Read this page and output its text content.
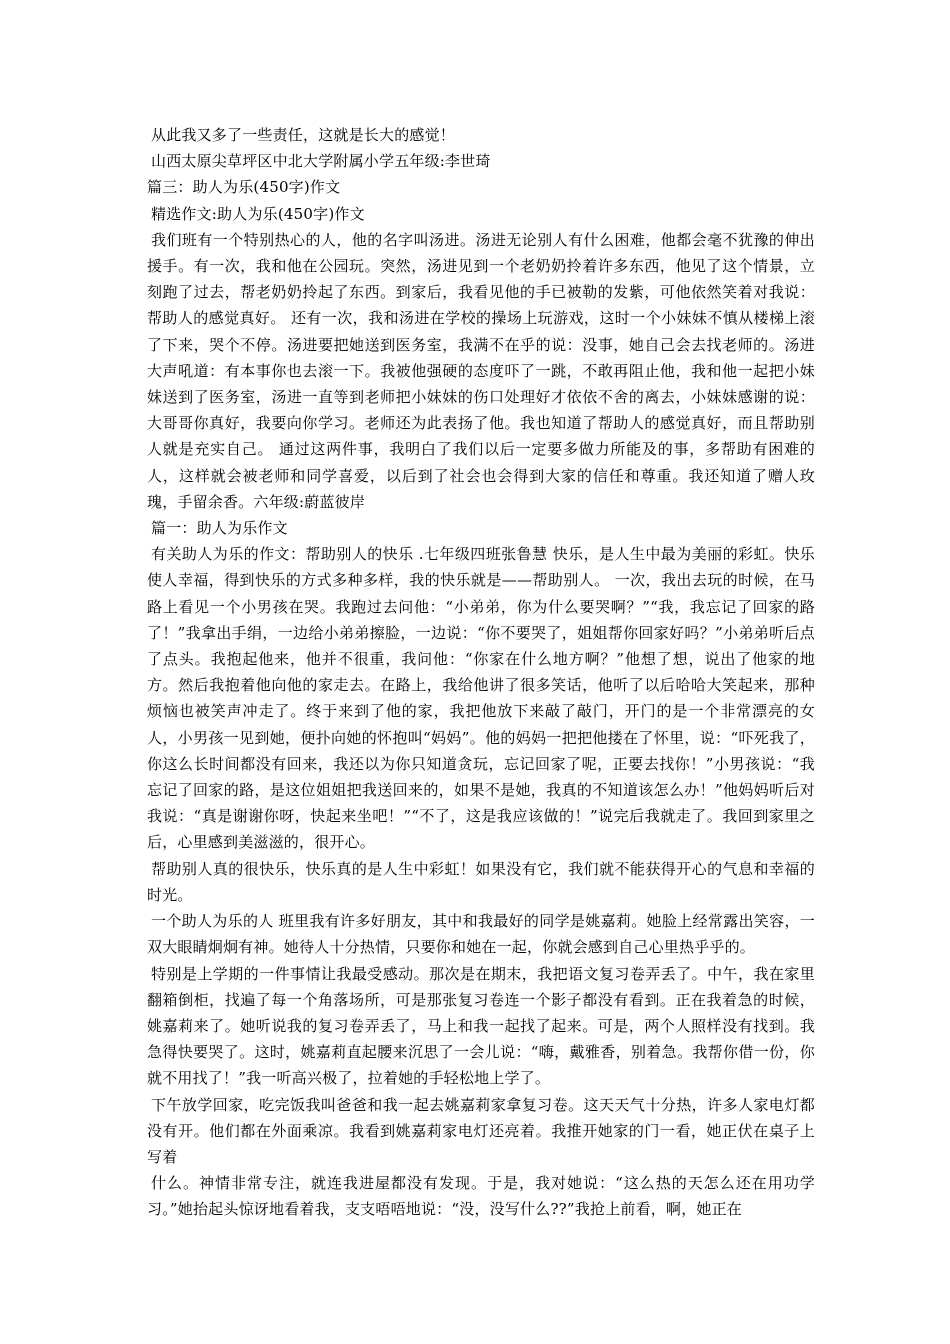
从此我又多了一些责任，这就是长大的感觉！

山西太原尖草坪区中北大学附属小学五年级:李世琦

篇三：助人为乐(450字)作文

精选作文:助人为乐(450字)作文

我们班有一个特别热心的人，他的名字叫汤进。汤进无论别人有什么困难，他都会毫不犹豫的伸出援手。有一次，我和他在公园玩。突然，汤进见到一个老奶奶拎着许多东西，他见了这个情景，立刻跑了过去，帮老奶奶拎起了东西。到家后，我看见他的手已被勒的发紫，可他依然笑着对我说：帮助人的感觉真好。 还有一次，我和汤进在学校的操场上玩游戏，这时一个小妹妹不慎从楼梯上滚了下来，哭个不停。汤进要把她送到医务室，我满不在乎的说：没事，她自己会去找老师的。汤进大声吼道：有本事你也去滚一下。我被他强硬的态度吓了一跳，不敢再阻止他，我和他一起把小妹妹送到了医务室，汤进一直等到老师把小妹妹的伤口处理好才依依不舍的离去，小妹妹感谢的说：大哥哥你真好，我要向你学习。老师还为此表扬了他。我也知道了帮助人的感觉真好，而且帮助别人就是充实自己。 通过这两件事，我明白了我们以后一定要多做力所能及的事，多帮助有困难的人，这样就会被老师和同学喜爱，以后到了社会也会得到大家的信任和尊重。我还知道了赠人玫瑰，手留余香。六年级:蔚蓝彼岸

篇一：助人为乐作文

有关助人为乐的作文：帮助别人的快乐 .七年级四班张鲁慧 快乐，是人生中最为美丽的彩虹。快乐使人幸福，得到快乐的方式多种多样，我的快乐就是——帮助别人。 一次，我出去玩的时候，在马路上看见一个小男孩在哭。我跑过去问他：“小弟弟，你为什么要哭啊？”“我，我忘记了回家的路了！”我拿出手绢，一边给小弟弟擦脸，一边说：“你不要哭了，姐姐帮你回家好吗？”小弟弟听后点了点头。我抱起他来，他并不很重，我问他：“你家在什么地方啊？”他想了想，说出了他家的地方。然后我抱着他向他的家走去。在路上，我给他讲了很多笑话，他听了以后哈哈大笑起来，那种烦恼也被笑声冲走了。终于来到了他的家，我把他放下来敲了敲门，开门的是一个非常漂亮的女人，小男孩一见到她，便扑向她的怀抱叫“妈妈”。他的妈妈一把把他搂在了怀里，说：“吓死我了，你这么长时间都没有回来，我还以为你只知道贪玩，忘记回家了呢，正要去找你！”小男孩说：“我忘记了回家的路，是这位姐姐把我送回来的，如果不是她，我真的不知道该怎么办！”他妈妈听后对我说：“真是谢谢你呀，快起来坐吧！”“不了，这是我应该做的！”说完后我就走了。我回到家里之后，心里感到美滋滋的，很开心。

帮助别人真的很快乐，快乐真的是人生中彩虹！如果没有它，我们就不能获得开心的气息和幸福的时光。

一个助人为乐的人 班里我有许多好朋友，其中和我最好的同学是姚嘉莉。她脸上经常露出笑容，一双大眼睛炯炯有神。她待人十分热情，只要你和她在一起，你就会感到自己心里热乎乎的。

特别是上学期的一件事情让我最受感动。那次是在期末，我把语文复习卷弄丢了。中午，我在家里翻箱倒柜，找遍了每一个角落场所，可是那张复习卷连一个影子都没有看到。正在我着急的时候，姚嘉莉来了。她听说我的复习卷弄丢了，马上和我一起找了起来。可是，两个人照样没有找到。我急得快要哭了。这时，姚嘉莉直起腰来沉思了一会儿说：“嗨，戴雅香，别着急。我帮你借一份，你就不用找了！”我一听高兴极了，拉着她的手轻松地上学了。

下午放学回家，吃完饭我叫爸爸和我一起去姚嘉莉家拿复习卷。这天天气十分热，许多人家电灯都没有开。他们都在外面乘凉。我看到姚嘉莉家电灯还亮着。我推开她家的门一看，她正伏在桌子上写着

什么。神情非常专注，就连我进屋都没有发现。于是，我对她说：“这么热的天怎么还在用功学习。”她抬起头惊讶地看着我，支支唔唔地说：“没，没写什么??”我抢上前看，啊，她正在
